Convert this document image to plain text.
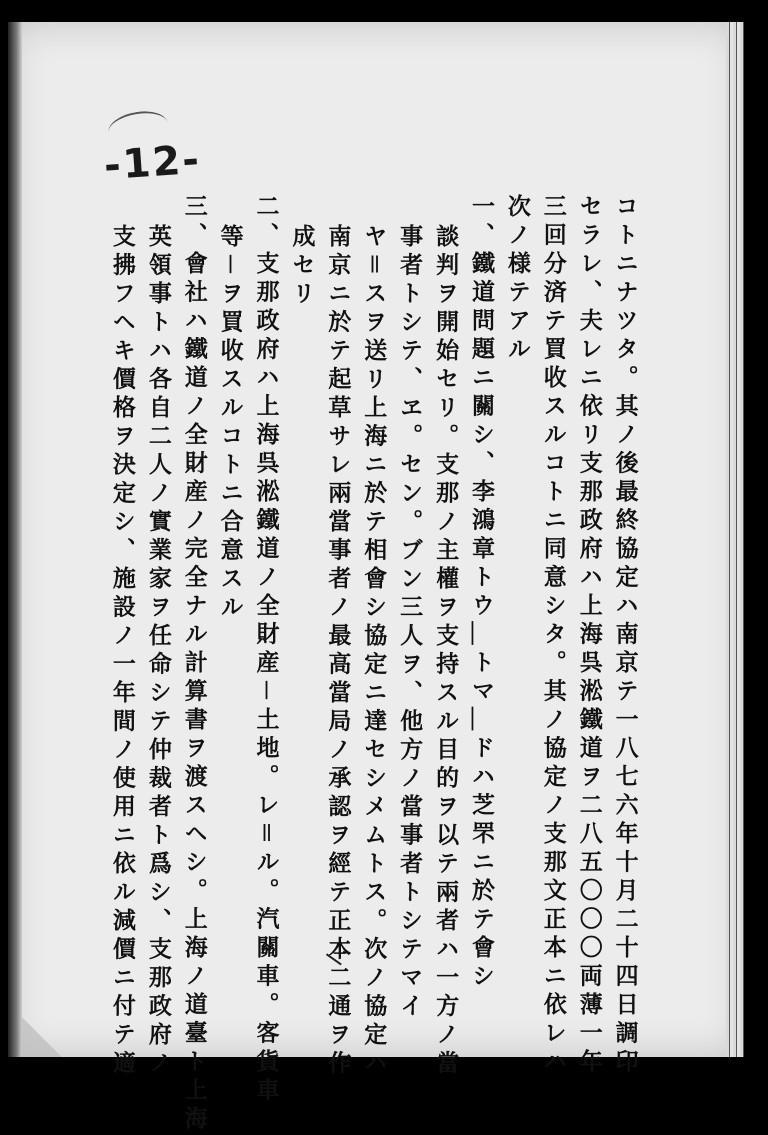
-12-
コトニナツタ。其ノ後最終協定ハ南京テ一八七六年十月二十四日調印
セラレ、夫レニ依リ支那政府ハ上海呉淞鐵道ヲ二八五〇〇〇両薄一年
三回分済テ買收スルコトニ同意シタ。其ノ協定ノ支那文正本ニ依レハ
次ノ様テアル
一、鐵道問題ニ關シ、李鴻章トウ＿トマ＿ドハ芝罘ニ於テ會シ
談判ヲ開始セリ。支那ノ主權ヲ支持スル目的ヲ以テ兩者ハ一方ノ當
事者トシテ、ヱ。セン。ブン三人ヲ、他方ノ當事者トシテマイ
ヤ＝スヲ送リ上海ニ於テ相會シ協定ニ達セシメムトス。次ノ協定ハ
南京ニ於テ起草サレ兩當事者ノ最高當局ノ承認ヲ經テ正本二通ヲ作
成セリ
二、支那政府ハ上海呉淞鐵道ノ全財産－土地。レ＝ル。汽關車。客貨車
等－ヲ買收スルコトニ合意スル
三、會社ハ鐵道ノ全財産ノ完全ナル計算書ヲ渡スヘシ。上海ノ道臺ト上海
英領事トハ各自二人ノ實業家ヲ任命シテ仲裁者ト爲シ、支那政府ノ
支拂フヘキ價格ヲ決定シ、施設ノ一年間ノ使用ニ依ル減價ニ付テ適
